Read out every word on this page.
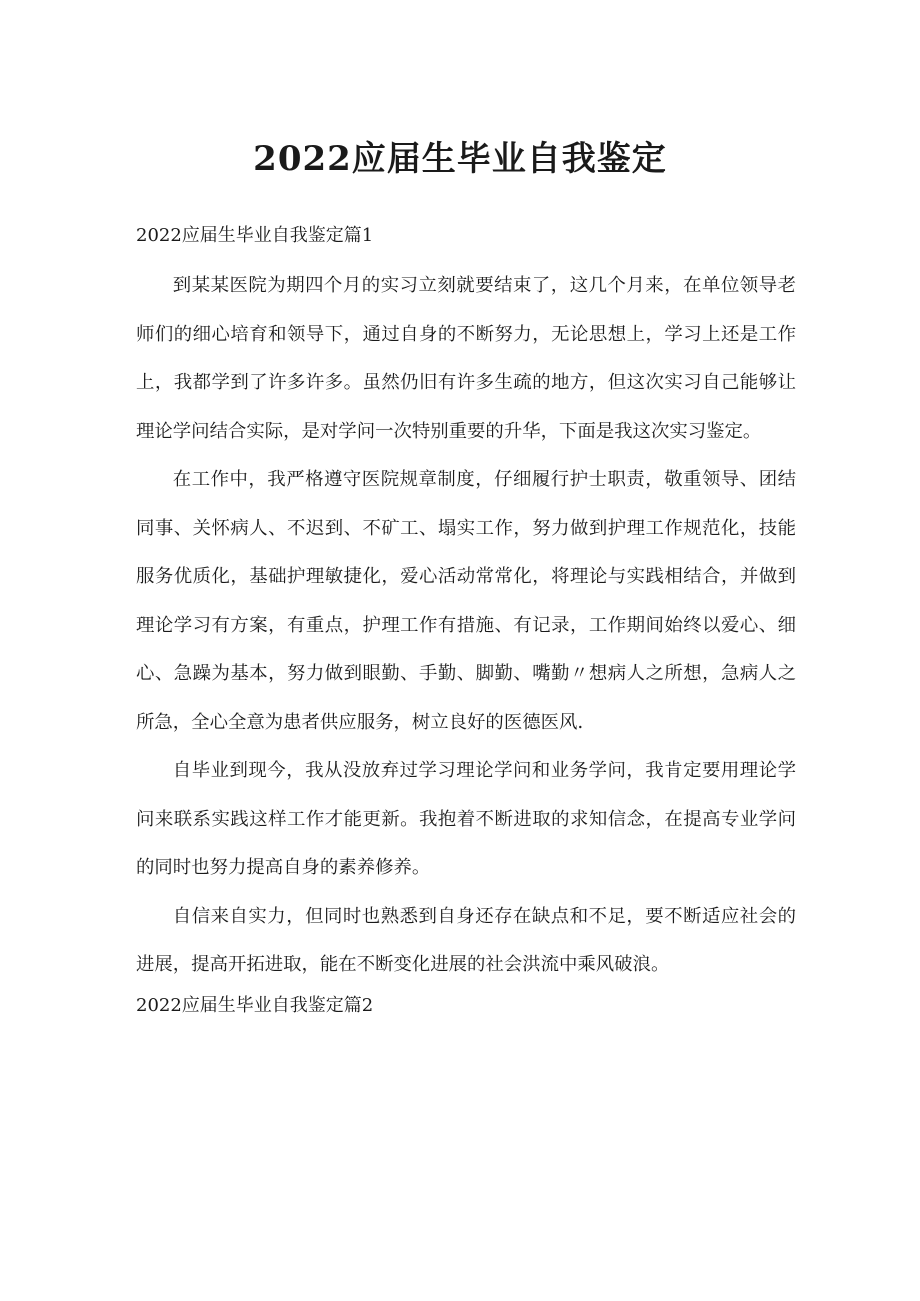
2022应届生毕业自我鉴定
2022应届生毕业自我鉴定篇1

到某某医院为期四个月的实习立刻就要结束了，这几个月来，在单位领导老师们的细心培育和领导下，通过自身的不断努力，无论思想上，学习上还是工作上，我都学到了许多许多。虽然仍旧有许多生疏的地方，但这次实习自己能够让理论学问结合实际，是对学问一次特别重要的升华，下面是我这次实习鉴定。

在工作中，我严格遵守医院规章制度，仔细履行护士职责，敬重领导、团结同事、关怀病人、不迟到、不矿工、塌实工作，努力做到护理工作规范化，技能服务优质化，基础护理敏捷化，爱心活动常常化，将理论与实践相结合，并做到理论学习有方案，有重点，护理工作有措施、有记录，工作期间始终以爱心、细心、急躁为基本，努力做到眼勤、手勤、脚勤、嘴勤〃想病人之所想，急病人之所急，全心全意为患者供应服务，树立良好的医德医风.

自毕业到现今，我从没放弃过学习理论学问和业务学问，我肯定要用理论学问来联系实践这样工作才能更新。我抱着不断进取的求知信念，在提高专业学问的同时也努力提高自身的素养修养。

自信来自实力，但同时也熟悉到自身还存在缺点和不足，要不断适应社会的进展，提高开拓进取，能在不断变化进展的社会洪流中乘风破浪。

2022应届生毕业自我鉴定篇2
